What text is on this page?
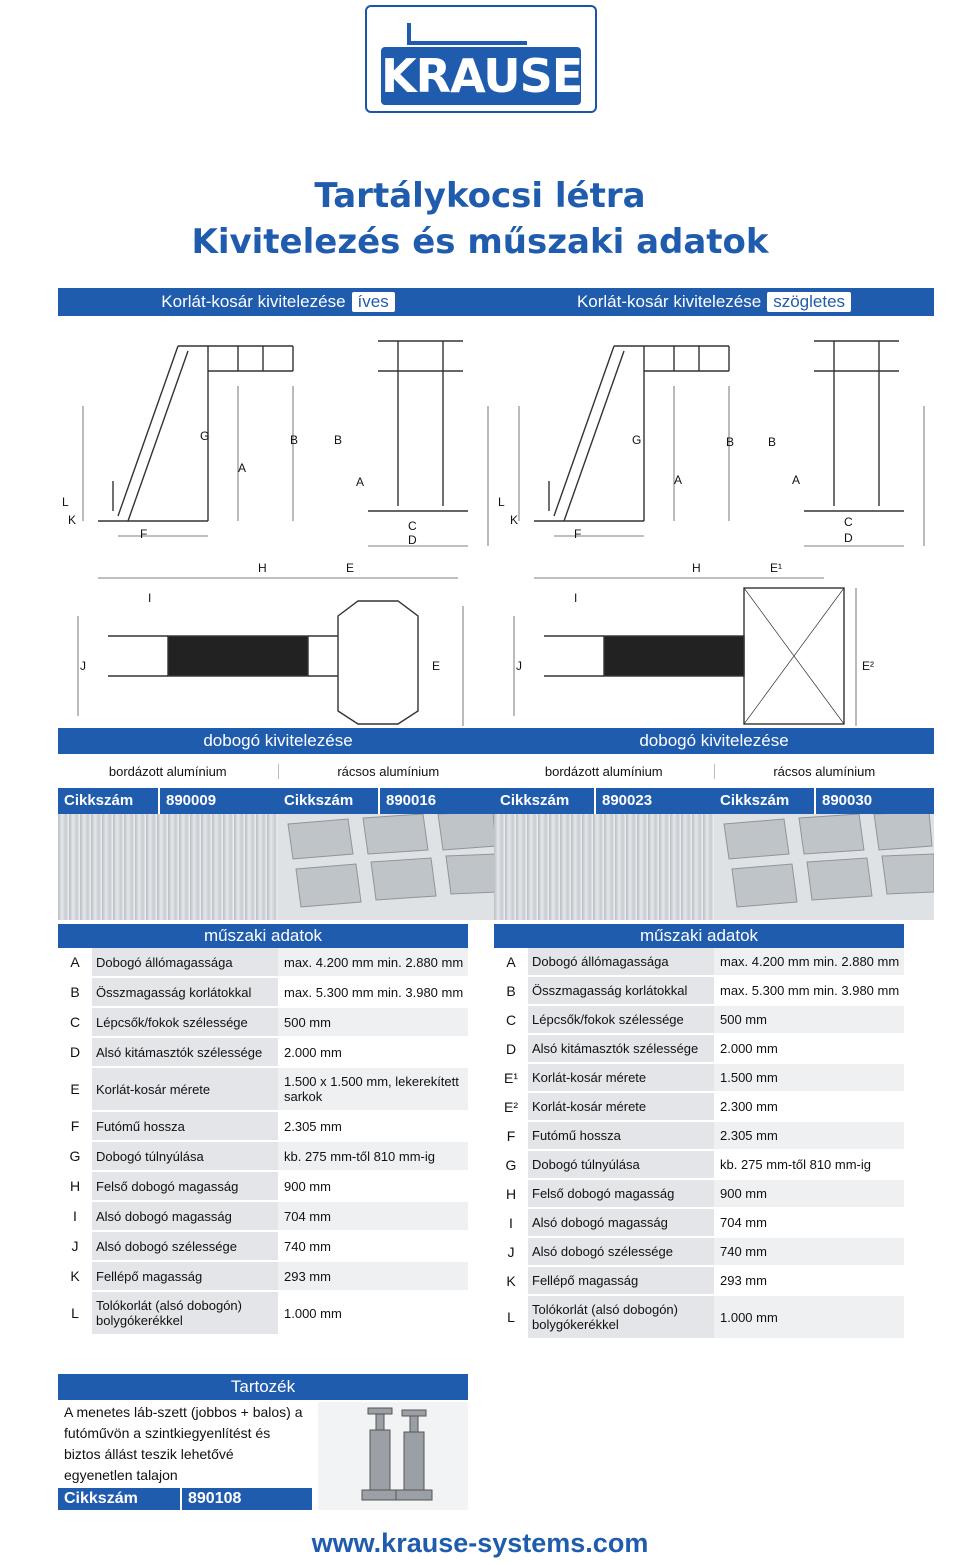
KRAUSE
Tartálykocsi létra
Kivitelezés és műszaki adatok
Korlát-kosár kivitelezése íves
L
K
F
G
A
B
A
B
C
D
H	E
I
J	E
dobogó kivitelezése
bordázott alumínium	rácsos alumínium
Cikkszám	890009	Cikkszám	890016
Korlát-kosár kivitelezése szögletes
L
K
F
G
A
B
A
B
C
D
H	E¹
I
J	E²
dobogó kivitelezése
bordázott alumínium	rácsos alumínium
Cikkszám	890023	Cikkszám	890030
műszaki adatok
A	Dobogó állómagassága	max. 4.200 mm min. 2.880 mm
B	Összmagasság korlátokkal	max. 5.300 mm min. 3.980 mm
C	Lépcsők/fokok szélessége	500 mm
D	Alsó kitámasztók szélessége	2.000 mm
E	Korlát-kosár mérete	1.500 x 1.500 mm, lekerekített sarkok
F	Futómű hossza	2.305 mm
G	Dobogó túlnyúlása	kb. 275 mm-től 810 mm-ig
H	Felső dobogó magasság	900 mm
I	Alsó dobogó magasság	704 mm
J	Alsó dobogó szélessége	740 mm
K	Fellépő magasság	293 mm
L	Tolókorlát (alsó dobogón) bolygókerékkel	1.000 mm
műszaki adatok
A	Dobogó állómagassága	max. 4.200 mm min. 2.880 mm
B	Összmagasság korlátokkal	max. 5.300 mm min. 3.980 mm
C	Lépcsők/fokok szélessége	500 mm
D	Alsó kitámasztók szélessége	2.000 mm
E¹	Korlát-kosár mérete	1.500 mm
E²	Korlát-kosár mérete	2.300 mm
F	Futómű hossza	2.305 mm
G	Dobogó túlnyúlása	kb. 275 mm-től 810 mm-ig
H	Felső dobogó magasság	900 mm
I	Alsó dobogó magasság	704 mm
J	Alsó dobogó szélessége	740 mm
K	Fellépő magasság	293 mm
L	Tolókorlát (alsó dobogón) bolygókerékkel	1.000 mm
Tartozék
A menetes láb-szett (jobbos + balos) a futóművön a szintkiegyenlítést és biztos állást teszik lehetővé egyenetlen talajon
Cikkszám	890108
www.krause-systems.com
